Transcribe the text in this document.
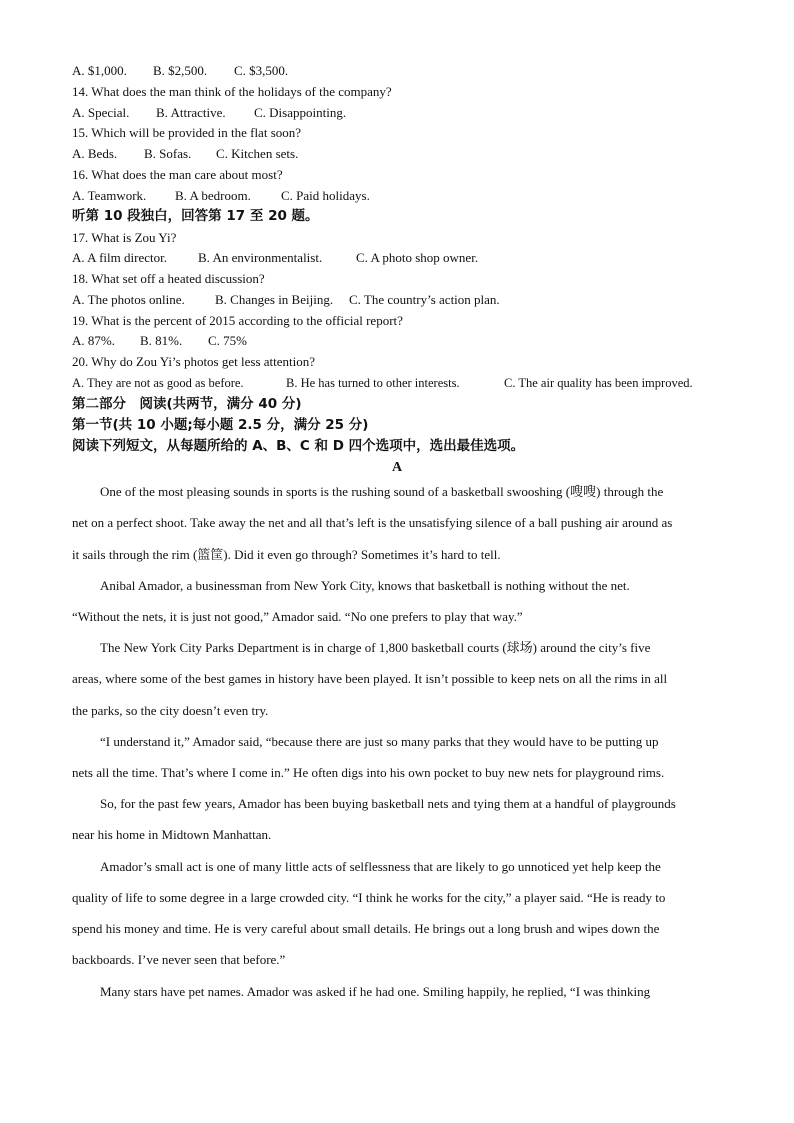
A. $1,000. B. $2,500. C. $3,500.
14. What does the man think of the holidays of the company?
A. Special. B. Attractive. C. Disappointing.
15. Which will be provided in the flat soon?
A. Beds. B. Sofas. C. Kitchen sets.
16. What does the man care about most?
A. Teamwork. B. A bedroom. C. Paid holidays.
听第 10 段独白，回答第 17 至 20 题。
17. What is Zou Yi?
A. A film director. B. An environmentalist.	C. A photo shop owner.
18. What set off a heated discussion?
A. The photos online. B. Changes in Beijing. C. The country’s action plan.
19. What is the percent of 2015 according to the official report?
A. 87%. B. 81%. C. 75%
20. Why do Zou Yi’s photos get less attention?
A. They are not as good as before.	B. He has turned to other interests.	C. The air quality has been improved.
第二部分　阅读(共两节，满分 40 分)
第一节(共 10 小题;每小题 2.5 分，满分 25 分)
阅读下列短文，从每题所给的 A、B、C 和 D 四个选项中，选出最佳选项。
A
One of the most pleasing sounds in sports is the rushing sound of a basketball swooshing (嗖嗖) through the
net on a perfect shoot. Take away the net and all that’s left is the unsatisfying silence of a ball pushing air around as
it sails through the rim (篮筐). Did it even go through? Sometimes it’s hard to tell.
Anibal Amador, a businessman from New York City, knows that basketball is nothing without the net.
“Without the nets, it is just not good,” Amador said. “No one prefers to play that way.”
The New York City Parks Department is in charge of 1,800 basketball courts (球场) around the city’s five
areas, where some of the best games in history have been played. It isn’t possible to keep nets on all the rims in all
the parks, so the city doesn’t even try.
“I understand it,” Amador said, “because there are just so many parks that they would have to be putting up
nets all the time. That’s where I come in.” He often digs into his own pocket to buy new nets for playground rims.
So, for the past few years, Amador has been buying basketball nets and tying them at a handful of playgrounds
near his home in Midtown Manhattan.
Amador’s small act is one of many little acts of selflessness that are likely to go unnoticed yet help keep the
quality of life to some degree in a large crowded city. “I think he works for the city,” a player said. “He is ready to
spend his money and time. He is very careful about small details. He brings out a long brush and wipes down the
backboards. I’ve never seen that before.”
Many stars have pet names. Amador was asked if he had one. Smiling happily, he replied, “I was thinking
